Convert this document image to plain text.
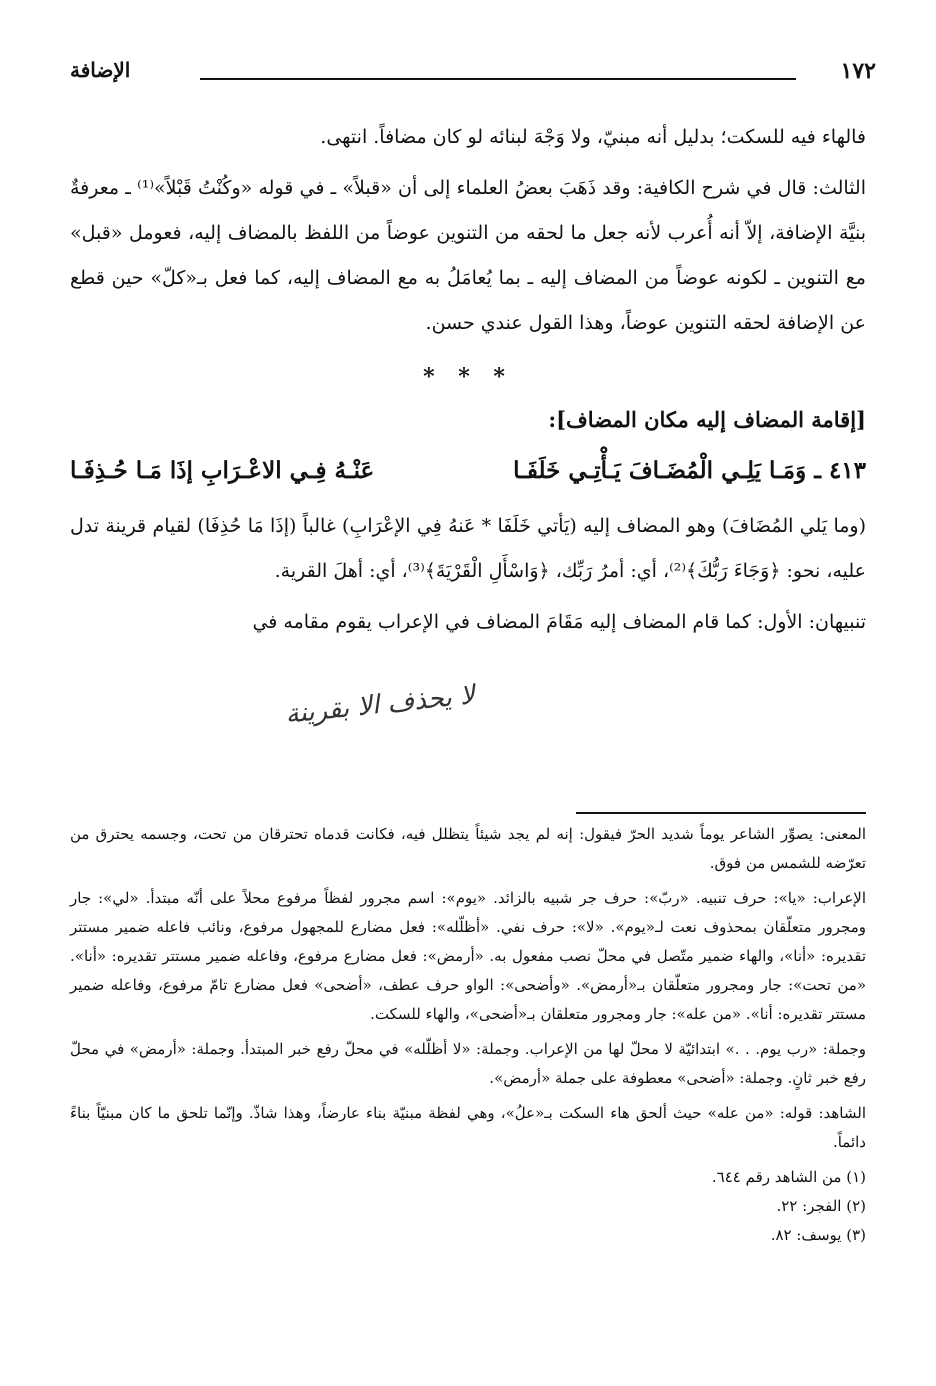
١٧٢
الإضافة

فالهاء فيه للسكت؛ بدليل أنه مبنيّ، ولا وَجْهَ لبنائه لو كان مضافاً. انتهى.

الثالث: قال في شرح الكافية: وقد ذَهَبَ بعضُ العلماء إلى أن «قبلاً» ـ في قوله «وكُنْتُ قَبْلاً»⁽¹⁾ ـ معرفةٌ بنيَّة الإضافة، إلاّ أنه أُعرب لأنه جعل ما لحقه من التنوين عوضاً من اللفظ بالمضاف إليه، فعومل «قبل» مع التنوين ـ لكونه عوضاً من المضاف إليه ـ بما يُعامَلُ به مع المضاف إليه، كما فعل بـ«كلّ» حين قطع عن الإضافة لحقه التنوين عوضاً، وهذا القول عندي حسن.

* * *
[إقامة المضاف إليه مكان المضاف]:
٤١٣ ـ وَمَـا يَلِـي الْمُضَـافَ يَـأْتِـي خَلَفَـا
عَنْـهُ فِـي الاعْـرَابِ إذَا مَـا حُـذِفَـا

(وما يَلي المُضَافَ) وهو المضاف إليه (يَأتي خَلَفَا * عَنهُ فِي الإعْرَابِ) غالباً (إذَا مَا حُذِفَا) لقيام قرينة تدل عليه، نحو: ﴿وَجَاءَ رَبُّكَ﴾⁽²⁾، أي: أمرُ رَبِّك، ﴿وَاسْأَلِ الْقَرْيَةَ﴾⁽³⁾، أي: أهلَ القرية.

تنبيهان: الأول: كما قام المضاف إليه مَقَامَ المضاف في الإعراب يقوم مقامه في

لا يحذف الا بقرينة
المعنى: يصوِّر الشاعر يوماً شديد الحرّ فيقول: إنه لم يجد شيئاً يتظلل فيه، فكانت قدماه تحترقان من تحت، وجسمه يحترق من تعرّضه للشمس من فوق.
الإعراب: «يا»: حرف تنبيه. «ربّ»: حرف جر شبيه بالزائد. «يوم»: اسم مجرور لفظاً مرفوع محلاً على أنّه مبتدأ. «لي»: جار ومجرور متعلّقان بمحذوف نعت لـ«يوم». «لا»: حرف نفي. «أظلّله»: فعل مضارع للمجهول مرفوع، ونائب فاعله ضمير مستتر تقديره: «أنا»، والهاء ضمير متّصل في محلّ نصب مفعول به. «أرمض»: فعل مضارع مرفوع، وفاعله ضمير مستتر تقديره: «أنا». «من تحت»: جار ومجرور متعلّقان بـ«أرمض». «وأضحى»: الواو حرف عطف، «أضحى» فعل مضارع تامّ مرفوع، وفاعله ضمير مستتر تقديره: أنا». «من عله»: جار ومجرور متعلقان بـ«أضحى»، والهاء للسكت.
وجملة: «رب يوم. . .» ابتدائيّة لا محلّ لها من الإعراب. وجملة: «لا أظلّله» في محلّ رفع خبر المبتدأ. وجملة: «أرمض» في محلّ رفع خبر ثانٍ. وجملة: «أضحى» معطوفة على جملة «أرمض».
الشاهد: قوله: «من عله» حيث ألحق هاء السكت بـ«علُ»، وهي لفظة مبنيّة بناء عارضاً، وهذا شاذّ. وإنّما تلحق ما كان مبنيّاً بناءً دائماً.
(١) من الشاهد رقم ٦٤٤.
(٢) الفجر: ٢٢.
(٣) يوسف: ٨٢.
